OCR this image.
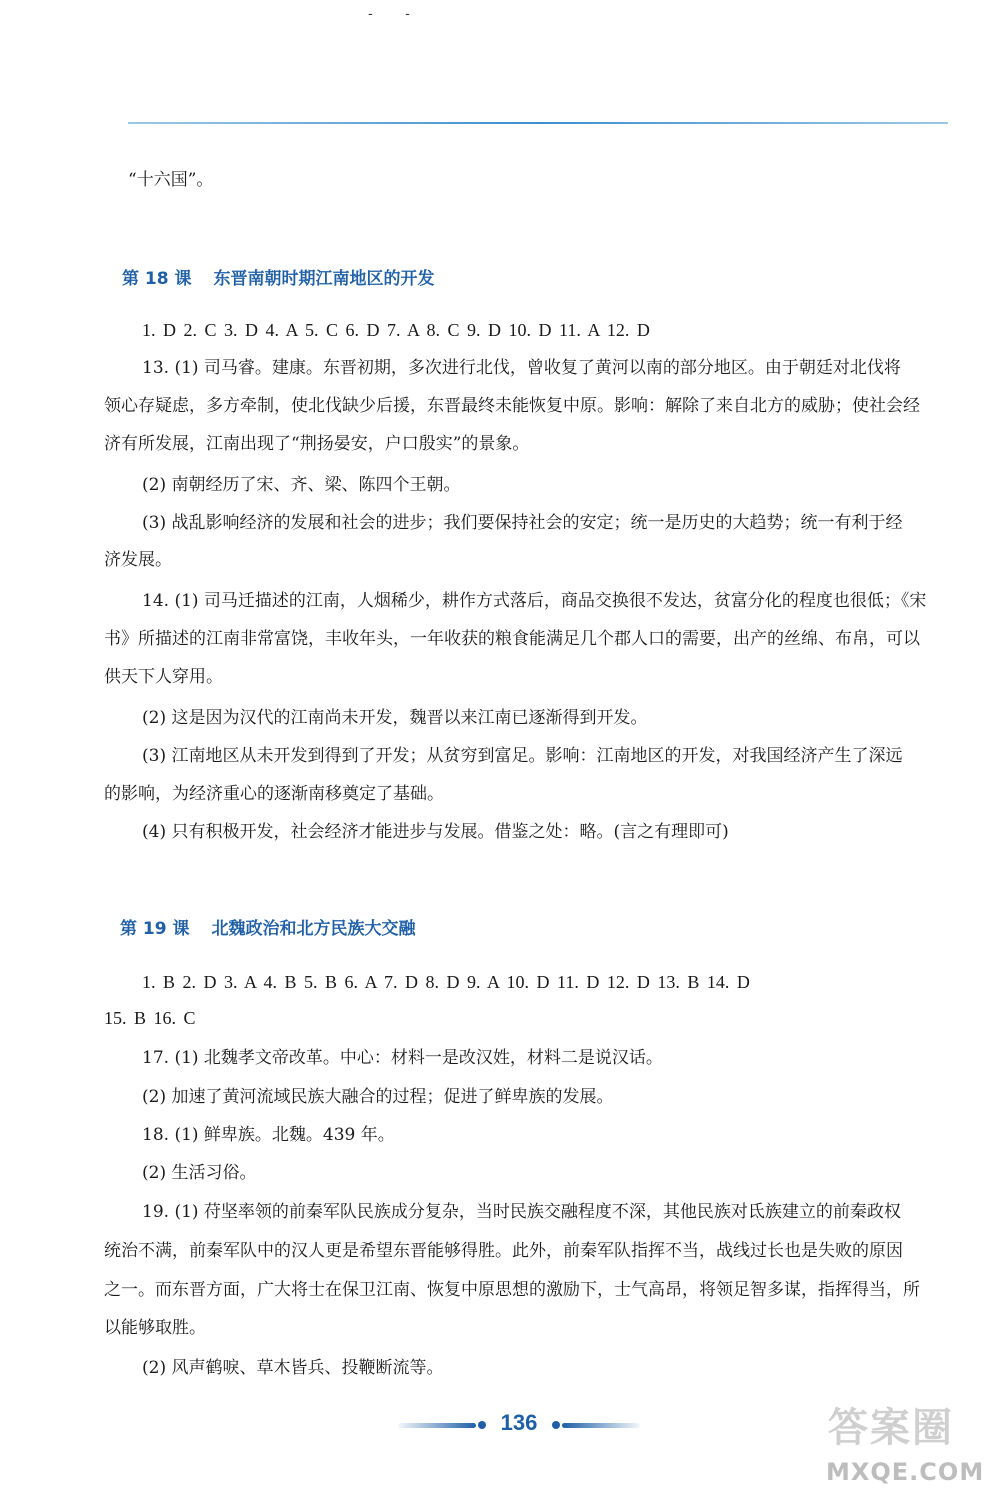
- -
“十六国”。
第 18 课 东晋南朝时期江南地区的开发
1. D 2. C 3. D 4. A 5. C 6. D 7. A 8. C 9. D 10. D 11. A 12. D
13. (1) 司马睿。建康。东晋初期，多次进行北伐，曾收复了黄河以南的部分地区。由于朝廷对北伐将
领心存疑虑，多方牵制，使北伐缺少后援，东晋最终未能恢复中原。影响：解除了来自北方的威胁；使社会经
济有所发展，江南出现了“荆扬晏安，户口殷实”的景象。
(2) 南朝经历了宋、齐、梁、陈四个王朝。
(3) 战乱影响经济的发展和社会的进步；我们要保持社会的安定；统一是历史的大趋势；统一有利于经
济发展。
14. (1) 司马迁描述的江南，人烟稀少，耕作方式落后，商品交换很不发达，贫富分化的程度也很低；《宋
书》所描述的江南非常富饶，丰收年头，一年收获的粮食能满足几个郡人口的需要，出产的丝绵、布帛，可以
供天下人穿用。
(2) 这是因为汉代的江南尚未开发，魏晋以来江南已逐渐得到开发。
(3) 江南地区从未开发到得到了开发；从贫穷到富足。影响：江南地区的开发，对我国经济产生了深远
的影响，为经济重心的逐渐南移奠定了基础。
(4) 只有积极开发，社会经济才能进步与发展。借鉴之处：略。(言之有理即可)
第 19 课 北魏政治和北方民族大交融
1. B 2. D 3. A 4. B 5. B 6. A 7. D 8. D 9. A 10. D 11. D 12. D 13. B 14. D
15. B 16. C
17. (1) 北魏孝文帝改革。中心：材料一是改汉姓，材料二是说汉话。
(2) 加速了黄河流域民族大融合的过程；促进了鲜卑族的发展。
18. (1) 鲜卑族。北魏。439 年。
(2) 生活习俗。
19. (1) 苻坚率领的前秦军队民族成分复杂，当时民族交融程度不深，其他民族对氐族建立的前秦政权
统治不满，前秦军队中的汉人更是希望东晋能够得胜。此外，前秦军队指挥不当，战线过长也是失败的原因
之一。而东晋方面，广大将士在保卫江南、恢复中原思想的激励下，士气高昂，将领足智多谋，指挥得当，所
以能够取胜。
(2) 风声鹤唳、草木皆兵、投鞭断流等。
136	答案圈
MXQE.COM
